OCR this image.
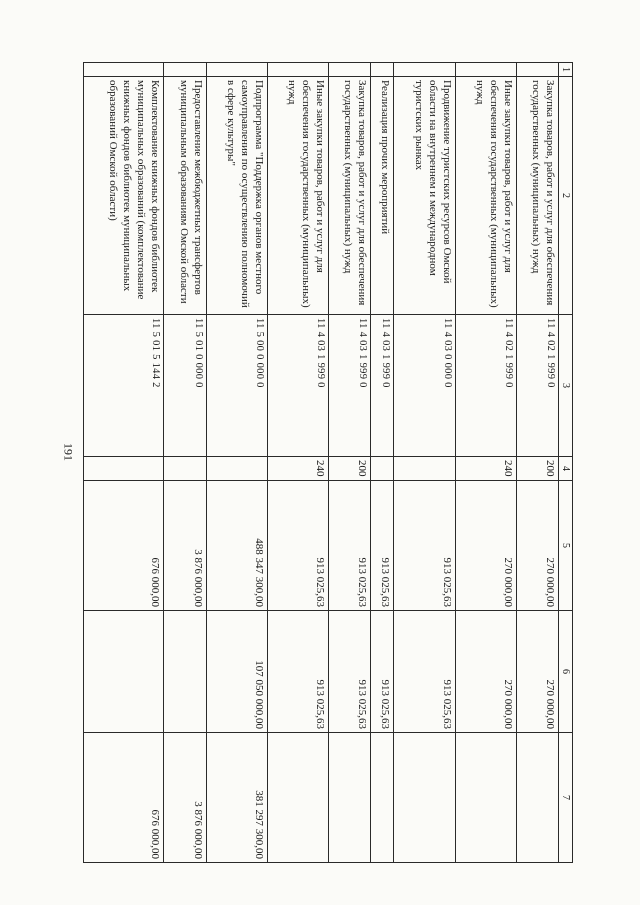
191
1	2	3	4	5	6	7
	Закупка товаров, работ и услуг для обеспечения государственных (муниципальных) нужд	11 4 02 1 999 0	200	270 000,00	270 000,00	
	Иные закупки товаров, работ и услуг для обеспечения государственных (муниципальных) нужд	11 4 02 1 999 0	240	270 000,00	270 000,00	
	Продвижение туристских ресурсов Омской области на внутреннем и международном туристских рынках	11 4 03 0 000 0		913 025,63	913 025,63	
	Реализация прочих мероприятий	11 4 03 1 999 0		913 025,63	913 025,63	
	Закупка товаров, работ и услуг для обеспечения государственных (муниципальных) нужд	11 4 03 1 999 0	200	913 025,63	913 025,63	
	Иные закупки товаров, работ и услуг для обеспечения государственных (муниципальных) нужд	11 4 03 1 999 0	240	913 025,63	913 025,63	
	Подпрограмма "Поддержка органов местного самоуправления по осуществлению полномочий в сфере культуры"	11 5 00 0 000 0		488 347 300,00	107 050 000,00	381 297 300,00
	Предоставление межбюджетных трансфертов муниципальным образованиям Омской области	11 5 01 0 000 0		3 876 000,00		3 876 000,00
	Комплектование книжных фондов библиотек муниципальных образований (комплектование книжных фондов библиотек муниципальных образований Омской области)	11 5 01 5 144 2		676 000,00		676 000,00
